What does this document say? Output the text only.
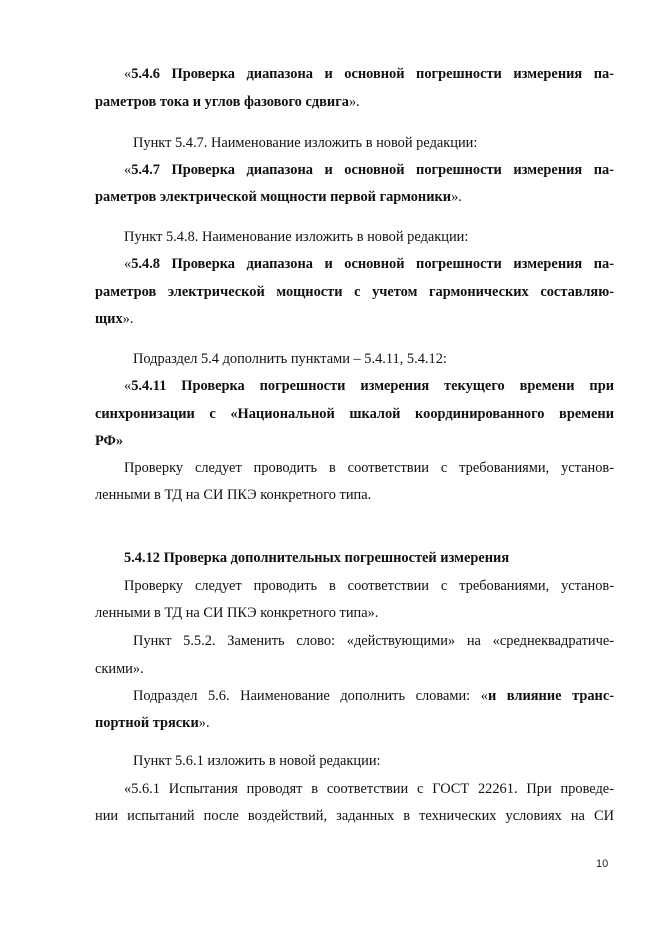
«5.4.6 Проверка диапазона и основной погрешности измерения па-
раметров тока и углов фазового сдвига».
Пункт 5.4.7. Наименование изложить в новой редакции:
«5.4.7 Проверка диапазона и основной погрешности измерения па-
раметров электрической мощности первой гармоники».
Пункт 5.4.8. Наименование изложить в новой редакции:
«5.4.8 Проверка диапазона и основной погрешности измерения па-
раметров электрической мощности с учетом гармонических составляю-
щих».
Подраздел 5.4 дополнить пунктами – 5.4.11, 5.4.12:
«5.4.11 Проверка погрешности измерения текущего времени при
синхронизации с «Национальной шкалой координированного времени
РФ»
Проверку следует проводить в соответствии с требованиями, установ-
ленными в ТД на СИ ПКЭ конкретного типа.
5.4.12 Проверка дополнительных погрешностей измерения
Проверку следует проводить в соответствии с требованиями, установ-
ленными в ТД на СИ ПКЭ конкретного типа».
Пункт 5.5.2. Заменить слово: «действующими» на «среднеквадратиче-
скими».
Подраздел 5.6. Наименование дополнить словами: «и влияние транс-
портной тряски».
Пункт 5.6.1 изложить в новой редакции:
«5.6.1 Испытания проводят в соответствии с ГОСТ 22261. При проведе-
нии испытаний после воздействий, заданных в технических условиях на СИ
10
